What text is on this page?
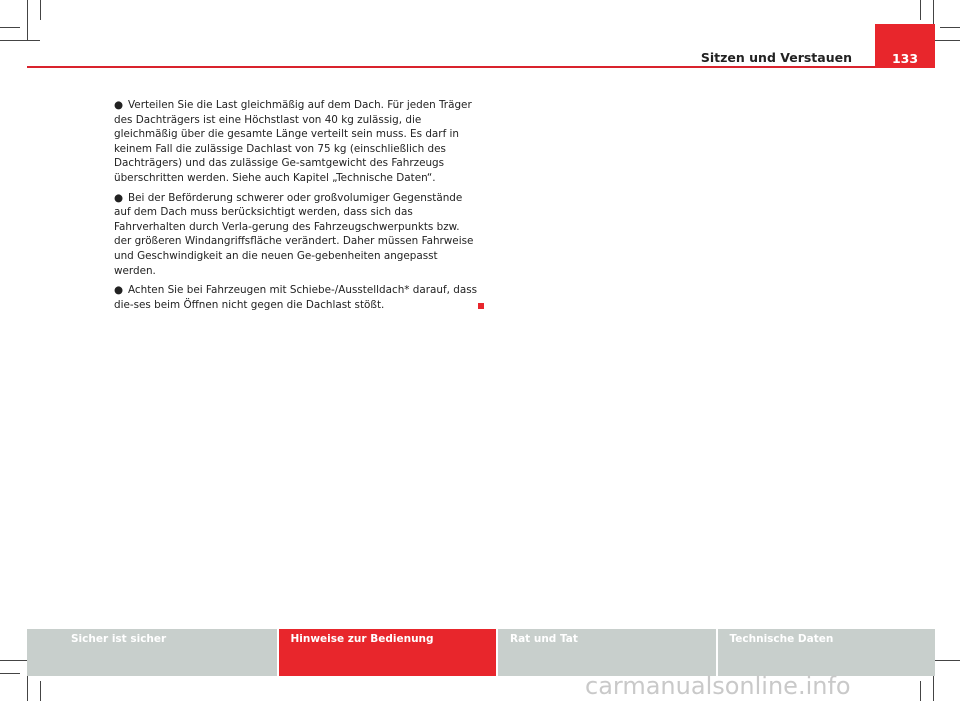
Sitzen und Verstauen	133

● Verteilen Sie die Last gleichmäßig auf dem Dach. Für jeden Träger des Dachträgers ist eine Höchstlast von 40 kg zulässig, die gleichmäßig über die gesamte Länge verteilt sein muss. Es darf in keinem Fall die zulässige Dachlast von 75 kg (einschließlich des Dachträgers) und das zulässige Ge-samtgewicht des Fahrzeugs überschritten werden. Siehe auch Kapitel „Technische Daten“.

● Bei der Beförderung schwerer oder großvolumiger Gegenstände auf dem Dach muss berücksichtigt werden, dass sich das Fahrverhalten durch Verla-gerung des Fahrzeugschwerpunkts bzw. der größeren Windangriffsfläche verändert. Daher müssen Fahrweise und Geschwindigkeit an die neuen Ge-gebenheiten angepasst werden.

● Achten Sie bei Fahrzeugen mit Schiebe-/Ausstelldach* darauf, dass die-ses beim Öffnen nicht gegen die Dachlast stößt.

Sicher ist sicher	Hinweise zur Bedienung	Rat und Tat	Technische Daten
carmanualsonline.info
